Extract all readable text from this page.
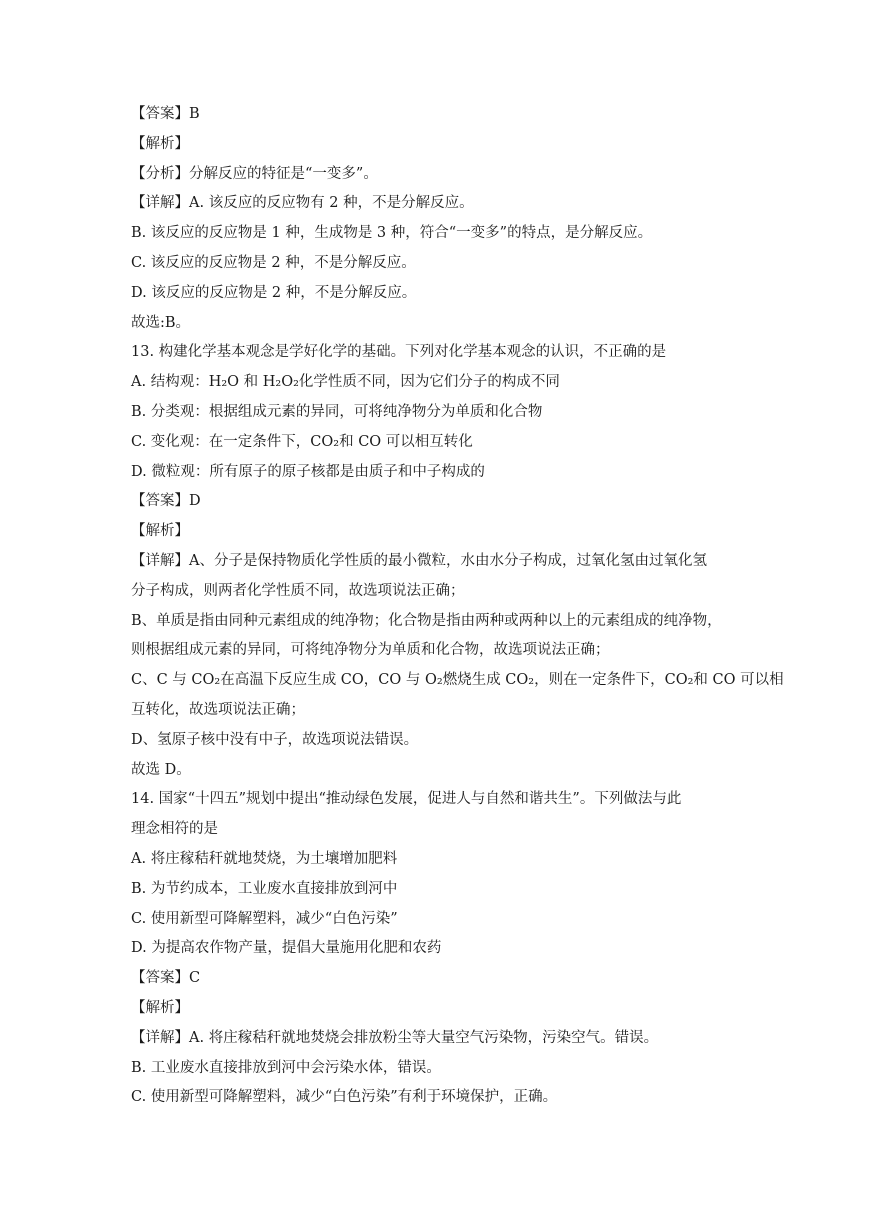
【答案】B
【解析】
【分析】分解反应的特征是“一变多”。
【详解】A. 该反应的反应物有 2 种，不是分解反应。
B. 该反应的反应物是 1 种，生成物是 3 种，符合“一变多”的特点，是分解反应。
C. 该反应的反应物是 2 种，不是分解反应。
D. 该反应的反应物是 2 种，不是分解反应。
故选:B。
13. 构建化学基本观念是学好化学的基础。下列对化学基本观念的认识，不正确的是
A. 结构观：H₂O 和 H₂O₂化学性质不同，因为它们分子的构成不同
B. 分类观：根据组成元素的异同，可将纯净物分为单质和化合物
C. 变化观：在一定条件下，CO₂和 CO 可以相互转化
D. 微粒观：所有原子的原子核都是由质子和中子构成的
【答案】D
【解析】
【详解】A、分子是保持物质化学性质的最小微粒，水由水分子构成，过氧化氢由过氧化氢
分子构成，则两者化学性质不同，故选项说法正确；
B、单质是指由同种元素组成的纯净物；化合物是指由两种或两种以上的元素组成的纯净物，
则根据组成元素的异同，可将纯净物分为单质和化合物，故选项说法正确；
C、C 与 CO₂在高温下反应生成 CO，CO 与 O₂燃烧生成 CO₂，则在一定条件下，CO₂和 CO 可以相
互转化，故选项说法正确；
D、氢原子核中没有中子，故选项说法错误。
故选 D。
14. 国家“十四五”规划中提出“推动绿色发展，促进人与自然和谐共生”。下列做法与此
理念相符的是
A. 将庄稼秸秆就地焚烧，为土壤增加肥料
B. 为节约成本，工业废水直接排放到河中
C. 使用新型可降解塑料，减少“白色污染”
D. 为提高农作物产量，提倡大量施用化肥和农药
【答案】C
【解析】
【详解】A. 将庄稼秸秆就地焚烧会排放粉尘等大量空气污染物，污染空气。错误。
B. 工业废水直接排放到河中会污染水体，错误。
C. 使用新型可降解塑料，减少“白色污染”有利于环境保护，正确。
